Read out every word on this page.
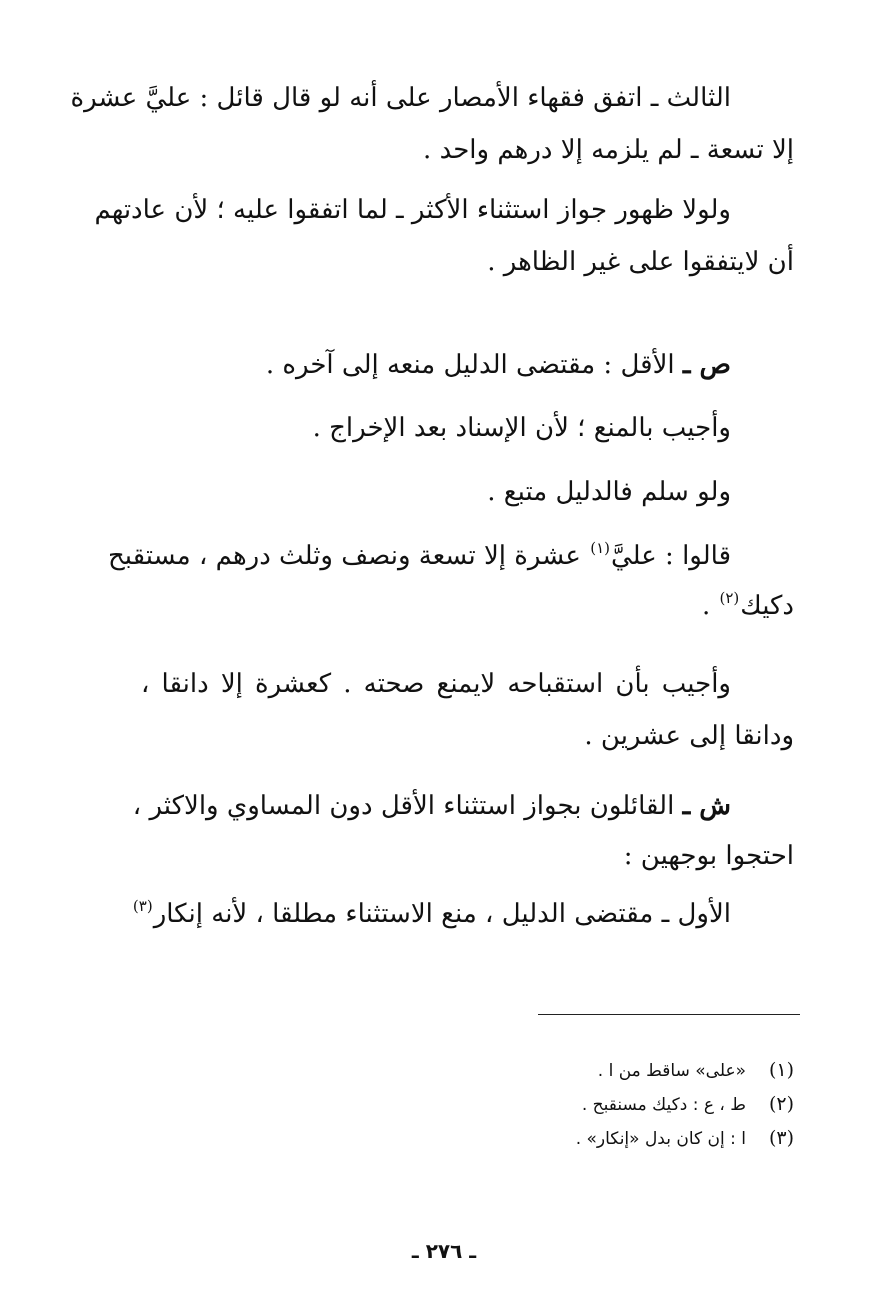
الثالث ـ اتفق فقهاء الأمصار على أنه لو قال قائل : عليَّ عشرة
إلا تسعة ـ لم يلزمه إلا درهم واحد .
ولولا ظهور جواز استثناء الأكثر ـ لما اتفقوا عليه ؛ لأن عادتهم
أن لايتفقوا على غير الظاهر .
ص ـ الأقل : مقتضى الدليل منعه إلى آخره .
وأجيب بالمنع ؛ لأن الإسناد بعد الإخراج .
ولو سلم فالدليل متبع .
قالوا : عليَّ$^{(١)}$ عشرة إلا تسعة ونصف وثلث درهم ، مستقبح
دكيك$^{(٢)}$ .
وأجيب بأن استقباحه لايمنع صحته . كعشرة إلا دانقا ،
ودانقا إلى عشرين .
ش ـ القائلون بجواز استثناء الأقل دون المساوي والاكثر ،
احتجوا بوجهين :
الأول ـ مقتضى الدليل ، منع الاستثناء مطلقا ، لأنه إنكار$^{(٣)}$
(١)«على» ساقط من ا .
(٢)ط ، ع : دكيك مسنقبح .
(٣)ا : إن كان بدل «إنكار» .
ـ ٢٧٦ ـ
